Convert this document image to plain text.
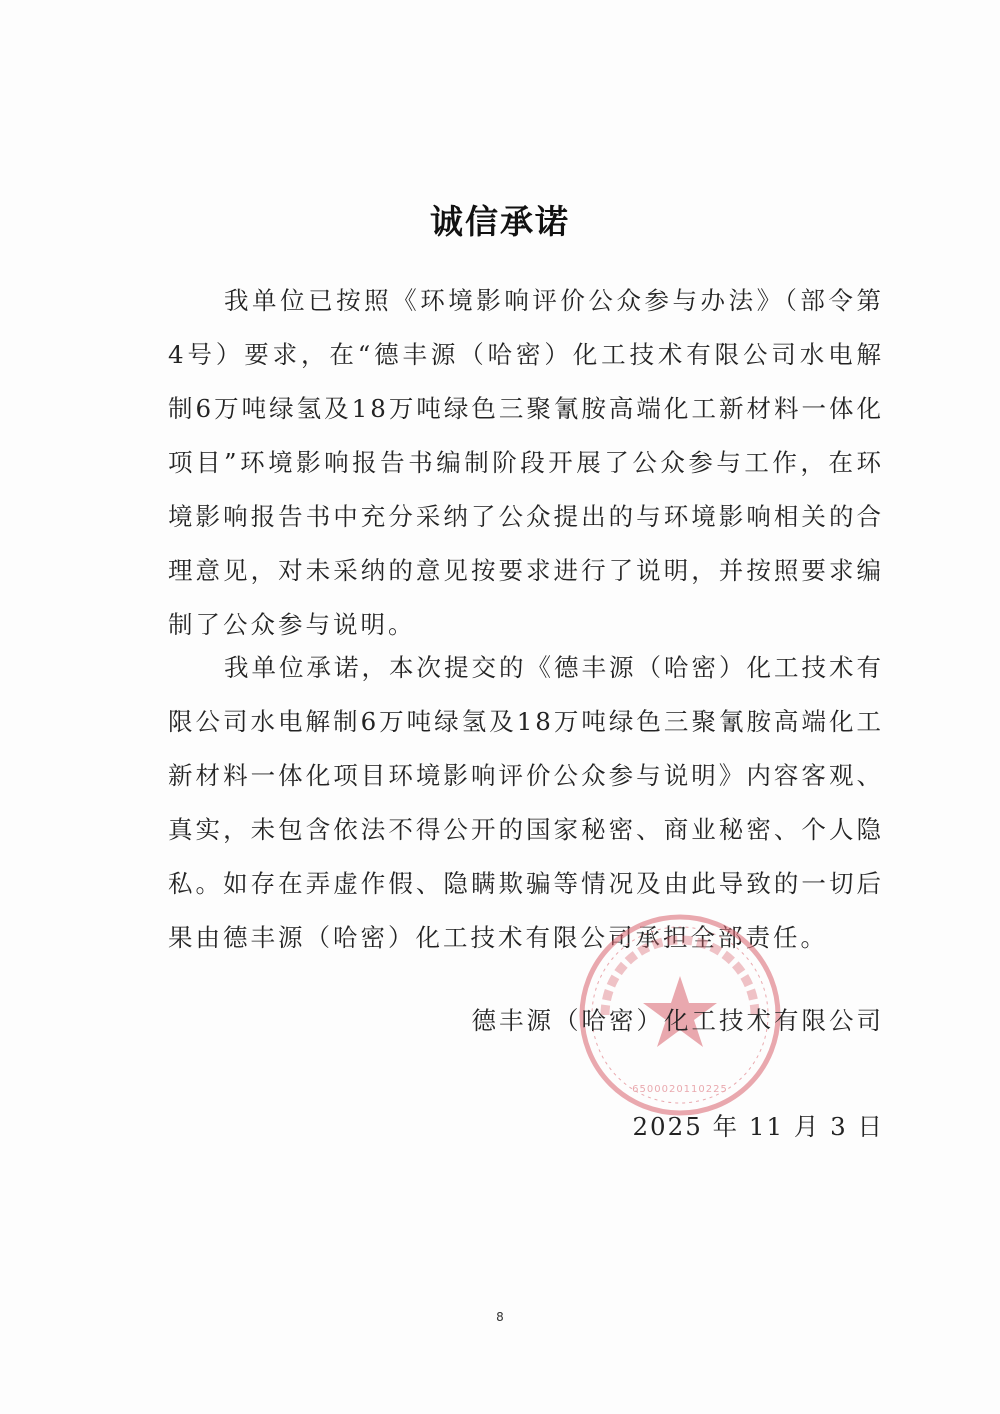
诚信承诺

我单位已按照《环境影响评价公众参与办法》（部令第4号）要求，在“德丰源（哈密）化工技术有限公司水电解制6万吨绿氢及18万吨绿色三聚氰胺高端化工新材料一体化项目”环境影响报告书编制阶段开展了公众参与工作，在环境影响报告书中充分采纳了公众提出的与环境影响相关的合理意见，对未采纳的意见按要求进行了说明，并按照要求编制了公众参与说明。

我单位承诺，本次提交的《德丰源（哈密）化工技术有限公司水电解制6万吨绿氢及18万吨绿色三聚氰胺高端化工新材料一体化项目环境影响评价公众参与说明》内容客观、真实，未包含依法不得公开的国家秘密、商业秘密、个人隐私。如存在弄虚作假、隐瞒欺骗等情况及由此导致的一切后果由德丰源（哈密）化工技术有限公司承担全部责任。

6500020110225
德丰源（哈密）化工技术有限公司
2025 年 11 月 3 日
8
